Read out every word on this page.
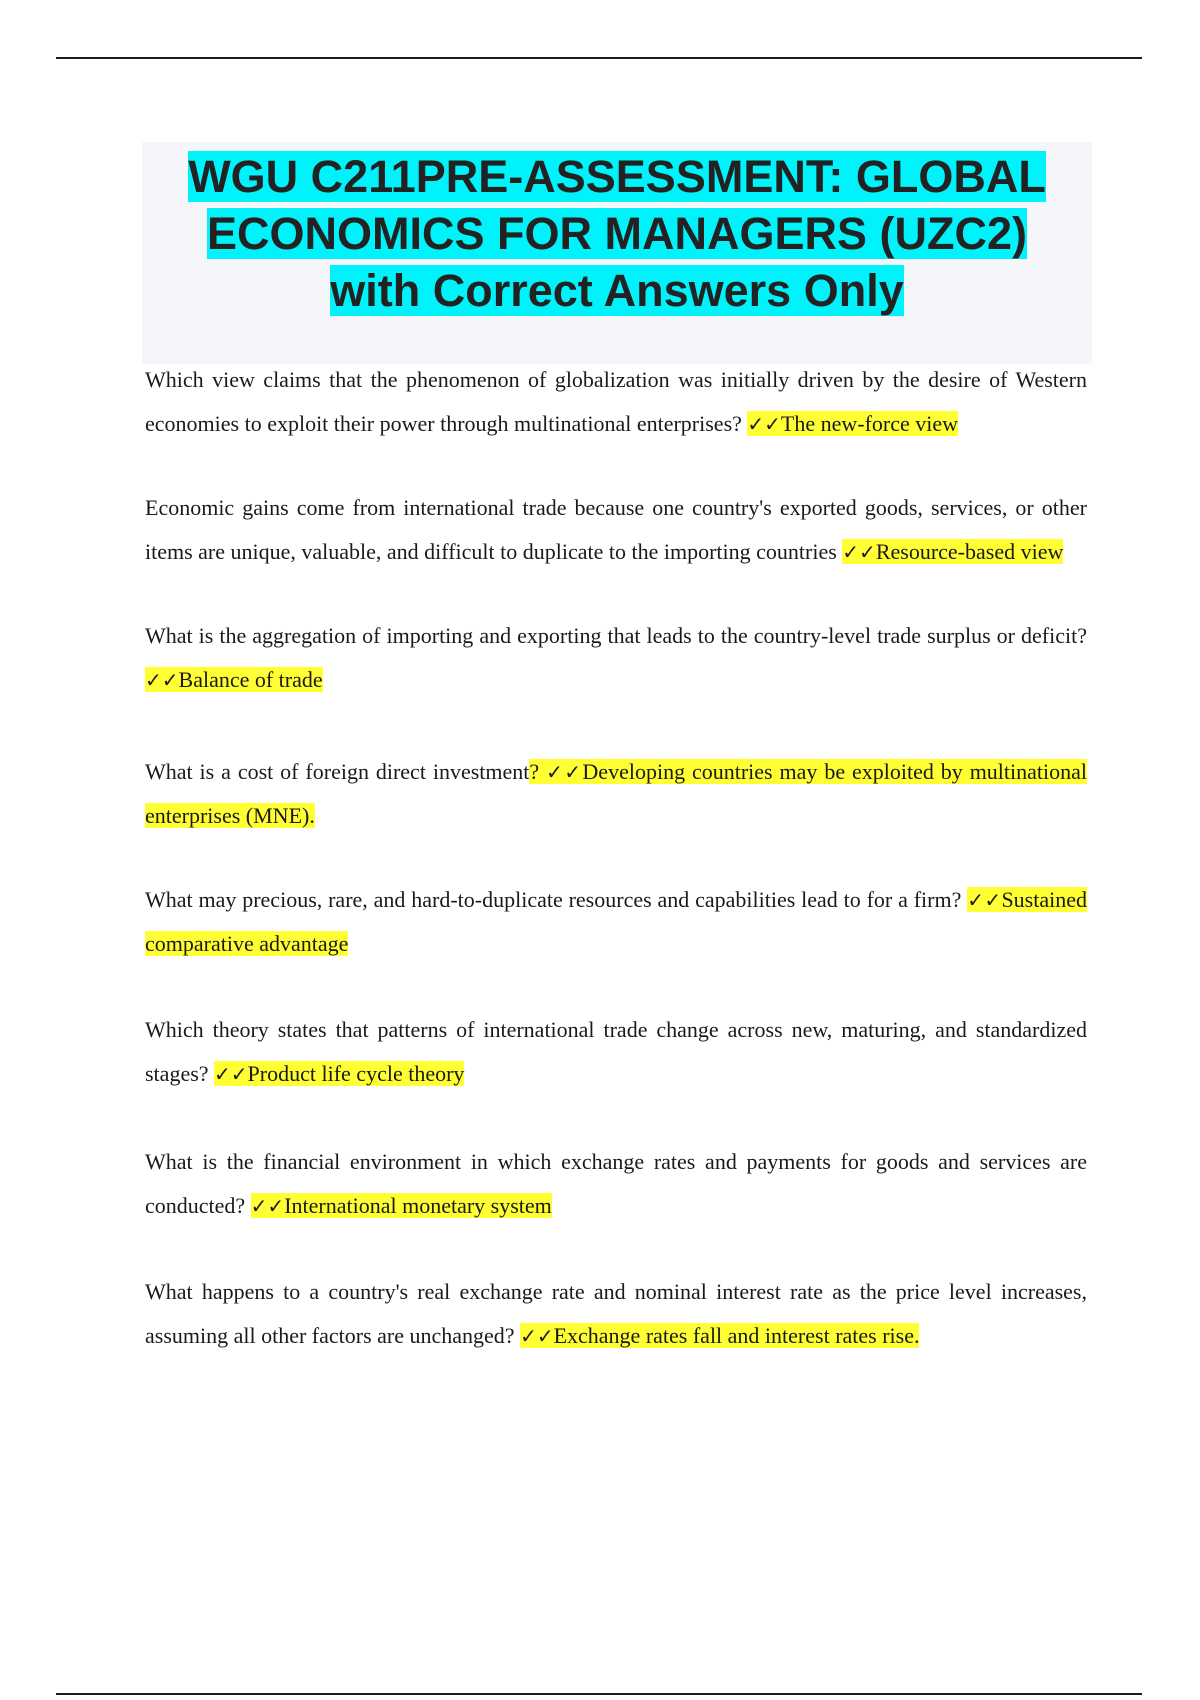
WGU C211PRE-ASSESSMENT: GLOBAL
ECONOMICS FOR MANAGERS (UZC2)
with Correct Answers Only

Which view claims that the phenomenon of globalization was initially driven by the desire of Western economies to exploit their power through multinational enterprises? ✓✓The new-force view

Economic gains come from international trade because one country's exported goods, services, or other items are unique, valuable, and difficult to duplicate to the importing countries ✓✓Resource-based view

What is the aggregation of importing and exporting that leads to the country-level trade surplus or deficit? ✓✓Balance of trade

What is a cost of foreign direct investment? ✓✓Developing countries may be exploited by multinational enterprises (MNE).

What may precious, rare, and hard-to-duplicate resources and capabilities lead to for a firm? ✓✓Sustained comparative advantage

Which theory states that patterns of international trade change across new, maturing, and standardized stages? ✓✓Product life cycle theory

What is the financial environment in which exchange rates and payments for goods and services are conducted? ✓✓International monetary system

What happens to a country's real exchange rate and nominal interest rate as the price level increases, assuming all other factors are unchanged? ✓✓Exchange rates fall and interest rates rise.
